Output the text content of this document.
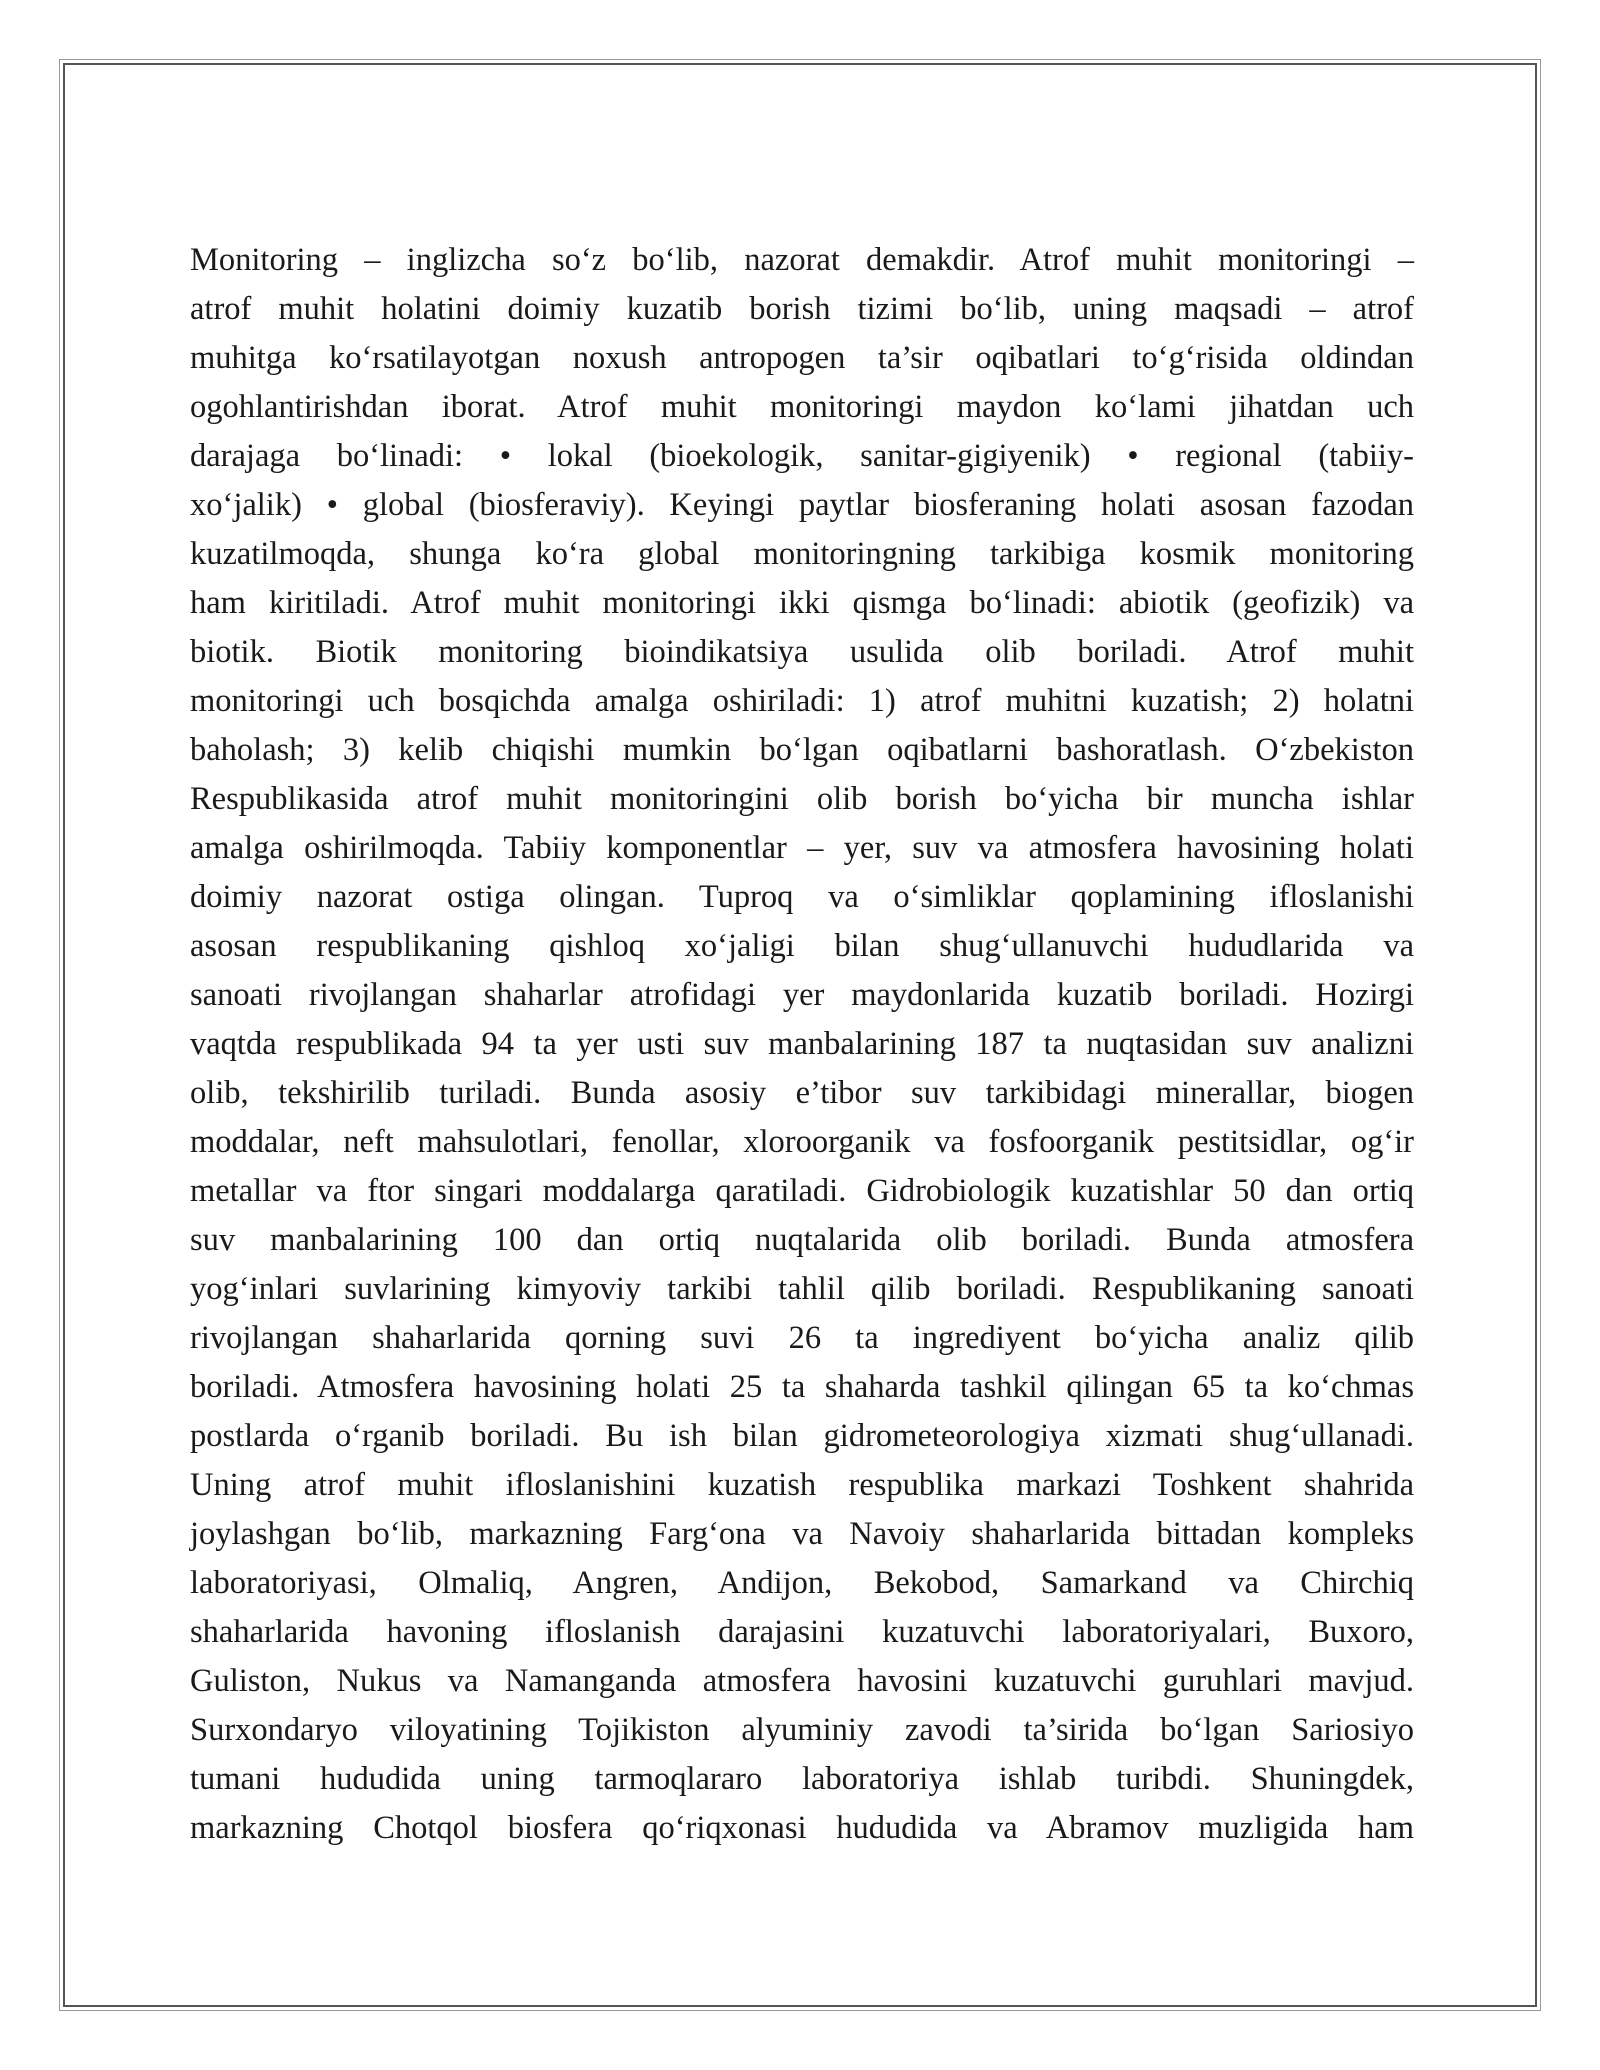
Monitoring – inglizcha so‘z bo‘lib, nazorat demakdir. Atrof muhit monitoringi –
atrof muhit holatini doimiy kuzatib borish tizimi bo‘lib, uning maqsadi – atrof
muhitga ko‘rsatilayotgan noxush antropogen ta’sir oqibatlari to‘g‘risida oldindan
ogohlantirishdan iborat. Atrof muhit monitoringi maydon ko‘lami jihatdan uch
darajaga bo‘linadi: • lokal (bioekologik, sanitar-gigiyenik) • regional (tabiiy-
xo‘jalik) • global (biosferaviy). Keyingi paytlar biosferaning holati asosan fazodan
kuzatilmoqda, shunga ko‘ra global monitoringning tarkibiga kosmik monitoring
ham kiritiladi. Atrof muhit monitoringi ikki qismga bo‘linadi: abiotik (geofizik) va
biotik. Biotik monitoring bioindikatsiya usulida olib boriladi. Atrof muhit
monitoringi uch bosqichda amalga oshiriladi: 1) atrof muhitni kuzatish; 2) holatni
baholash; 3) kelib chiqishi mumkin bo‘lgan oqibatlarni bashoratlash. O‘zbekiston
Respublikasida atrof muhit monitoringini olib borish bo‘yicha bir muncha ishlar
amalga oshirilmoqda. Tabiiy komponentlar – yer, suv va atmosfera havosining holati
doimiy nazorat ostiga olingan. Tuproq va o‘simliklar qoplamining ifloslanishi
asosan respublikaning qishloq xo‘jaligi bilan shug‘ullanuvchi hududlarida va
sanoati rivojlangan shaharlar atrofidagi yer maydonlarida kuzatib boriladi. Hozirgi
vaqtda respublikada 94 ta yer usti suv manbalarining 187 ta nuqtasidan suv analizni
olib, tekshirilib turiladi. Bunda asosiy e’tibor suv tarkibidagi minerallar, biogen
moddalar, neft mahsulotlari, fenollar, xloroorganik va fosfoorganik pestitsidlar, og‘ir
metallar va ftor singari moddalarga qaratiladi. Gidrobiologik kuzatishlar 50 dan ortiq
suv manbalarining 100 dan ortiq nuqtalarida olib boriladi. Bunda atmosfera
yog‘inlari suvlarining kimyoviy tarkibi tahlil qilib boriladi. Respublikaning sanoati
rivojlangan shaharlarida qorning suvi 26 ta ingrediyent bo‘yicha analiz qilib
boriladi. Atmosfera havosining holati 25 ta shaharda tashkil qilingan 65 ta ko‘chmas
postlarda o‘rganib boriladi. Bu ish bilan gidrometeorologiya xizmati shug‘ullanadi.
Uning atrof muhit ifloslanishini kuzatish respublika markazi Toshkent shahrida
joylashgan bo‘lib, markazning Farg‘ona va Navoiy shaharlarida bittadan kompleks
laboratoriyasi, Olmaliq, Angren, Andijon, Bekobod, Samarkand va Chirchiq
shaharlarida havoning ifloslanish darajasini kuzatuvchi laboratoriyalari, Buxoro,
Guliston, Nukus va Namanganda atmosfera havosini kuzatuvchi guruhlari mavjud.
Surxondaryo viloyatining Tojikiston alyuminiy zavodi ta’sirida bo‘lgan Sariosiyo
tumani hududida uning tarmoqlararo laboratoriya ishlab turibdi. Shuningdek,
markazning Chotqol biosfera qo‘riqxonasi hududida va Abramov muzligida ham
